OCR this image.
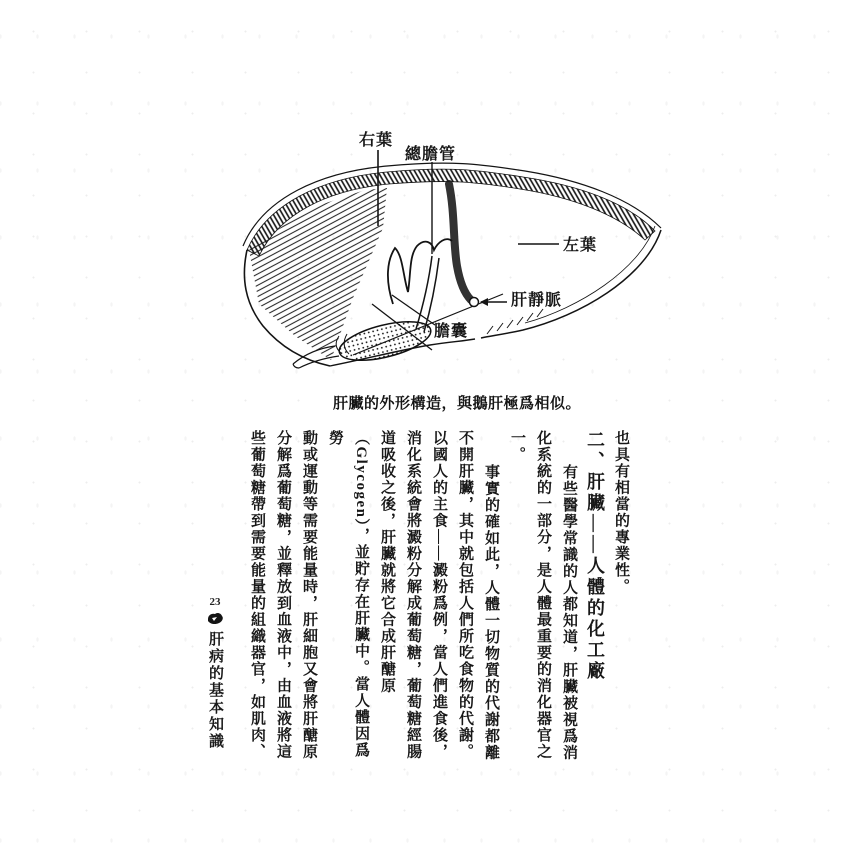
右葉
總膽管
左葉
肝靜脈
膽囊
肝臟的外形構造，與鵝肝極爲相似。

也具有相當的專業性。

二、肝臟——人體的化工廠

有些醫學常識的人都知道，肝臟被視爲消

化系統的一部分，是人體最重要的消化器官之

一。

事實的確如此，人體一切物質的代謝都離

不開肝臟，其中就包括人們所吃食物的代謝。

以國人的主食——澱粉爲例，當人們進食後，

消化系統會將澱粉分解成葡萄糖，葡萄糖經腸

道吸收之後，肝臟就將它合成肝醣原

（Glycogen），並貯存在肝臟中。當人體因爲勞

動或運動等需要能量時，肝細胞又會將肝醣原

分解爲葡萄糖，並釋放到血液中，由血液將這

些葡萄糖帶到需要能量的組織器官，如肌肉、

23
肝病的基本知識
